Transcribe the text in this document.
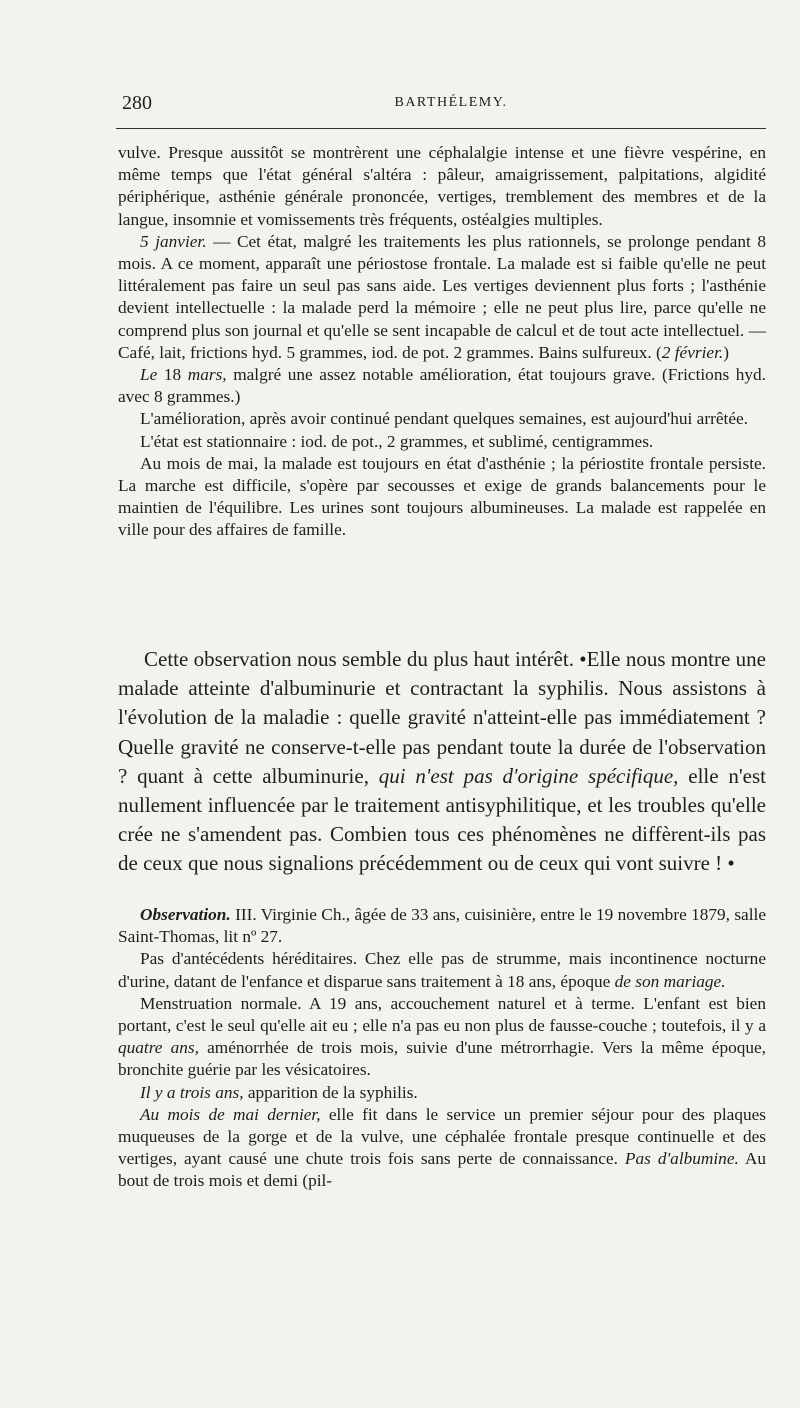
280	BARTHÉLEMY.

vulve. Presque aussitôt se montrèrent une céphalalgie intense et une fièvre vespérine, en même temps que l'état général s'altéra : pâleur, amaigrissement, palpitations, algidité périphérique, asthénie générale prononcée, vertiges, tremblement des membres et de la langue, insomnie et vomissements très fréquents, ostéalgies multiples.

5 janvier. — Cet état, malgré les traitements les plus rationnels, se prolonge pendant 8 mois. A ce moment, apparaît une périostose frontale. La malade est si faible qu'elle ne peut littéralement pas faire un seul pas sans aide. Les vertiges deviennent plus forts ; l'asthénie devient intellectuelle : la malade perd la mémoire ; elle ne peut plus lire, parce qu'elle ne comprend plus son journal et qu'elle se sent incapable de calcul et de tout acte intellectuel. — Café, lait, frictions hyd. 5 grammes, iod. de pot. 2 grammes. Bains sulfureux. (2 février.)

Le 18 mars, malgré une assez notable amélioration, état toujours grave. (Frictions hyd. avec 8 grammes.)

L'amélioration, après avoir continué pendant quelques semaines, est aujourd'hui arrêtée.

L'état est stationnaire : iod. de pot., 2 grammes, et sublimé, centigrammes.

Au mois de mai, la malade est toujours en état d'asthénie ; la périostite frontale persiste. La marche est difficile, s'opère par secousses et exige de grands balancements pour le maintien de l'équilibre. Les urines sont toujours albumineuses. La malade est rappelée en ville pour des affaires de famille.

Cette observation nous semble du plus haut intérêt. •Elle nous montre une malade atteinte d'albuminurie et contractant la syphilis. Nous assistons à l'évolution de la maladie : quelle gravité n'atteint-elle pas immédiatement ? Quelle gravité ne conserve-t-elle pas pendant toute la durée de l'observation ? quant à cette albuminurie, qui n'est pas d'origine spécifique, elle n'est nullement influencée par le traitement antisyphilitique, et les troubles qu'elle crée ne s'amendent pas. Combien tous ces phénomènes ne diffèrent-ils pas de ceux que nous signalions précédemment ou de ceux qui vont suivre ! •

Observation. III. Virginie Ch., âgée de 33 ans, cuisinière, entre le 19 novembre 1879, salle Saint-Thomas, lit nº 27.

Pas d'antécédents héréditaires. Chez elle pas de strumme, mais incontinence nocturne d'urine, datant de l'enfance et disparue sans traitement à 18 ans, époque de son mariage.

Menstruation normale. A 19 ans, accouchement naturel et à terme. L'enfant est bien portant, c'est le seul qu'elle ait eu ; elle n'a pas eu non plus de fausse-couche ; toutefois, il y a quatre ans, aménorrhée de trois mois, suivie d'une métrorrhagie. Vers la même époque, bronchite guérie par les vésicatoires.

Il y a trois ans, apparition de la syphilis.

Au mois de mai dernier, elle fit dans le service un premier séjour pour des plaques muqueuses de la gorge et de la vulve, une céphalée frontale presque continuelle et des vertiges, ayant causé une chute trois fois sans perte de connaissance. Pas d'albumine. Au bout de trois mois et demi (pil-
